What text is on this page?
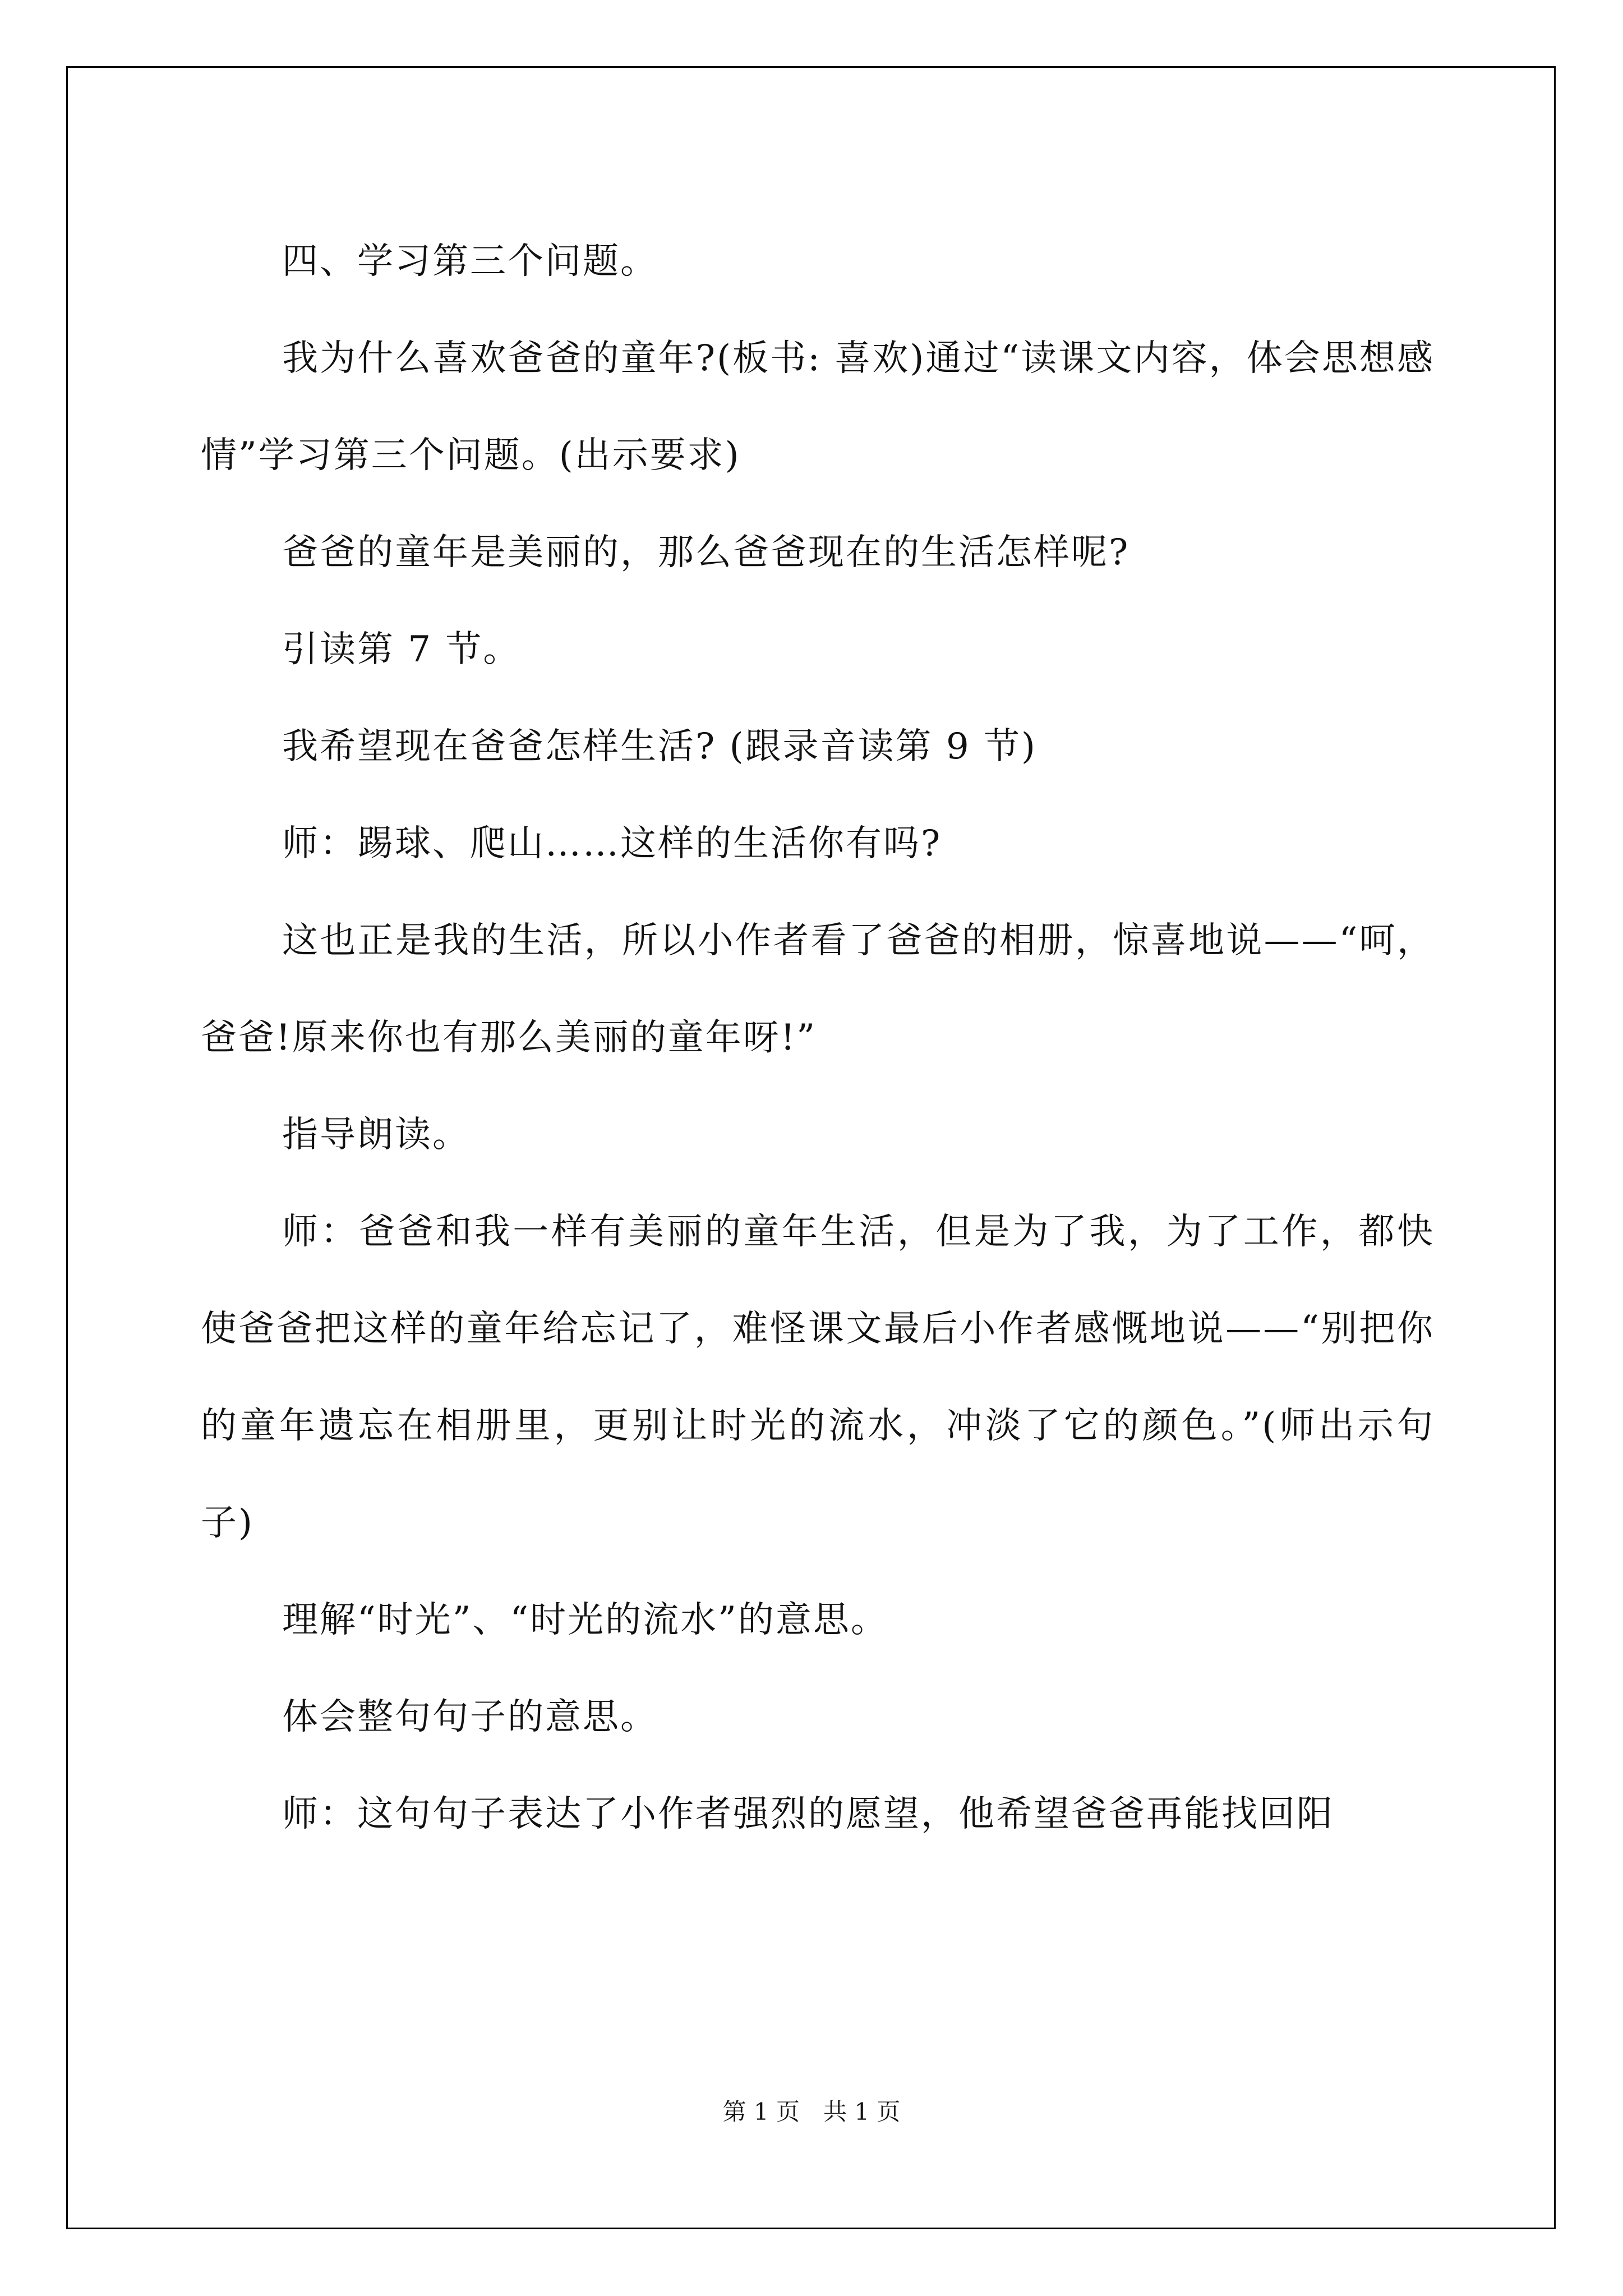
四、学习第三个问题。

我为什么喜欢爸爸的童年?(板书: 喜欢)通过“读课文内容，体会思想感情”学习第三个问题。(出示要求)

爸爸的童年是美丽的，那么爸爸现在的生活怎样呢?

引读第 7 节。

我希望现在爸爸怎样生活? (跟录音读第 9 节)

师：踢球、爬山……这样的生活你有吗?

这也正是我的生活，所以小作者看了爸爸的相册，惊喜地说——“呵，爸爸!原来你也有那么美丽的童年呀!”

指导朗读。

师：爸爸和我一样有美丽的童年生活，但是为了我，为了工作，都快使爸爸把这样的童年给忘记了，难怪课文最后小作者感慨地说——“别把你的童年遗忘在相册里，更别让时光的流水，冲淡了它的颜色。”(师出示句子)

理解“时光”、“时光的流水”的意思。

体会整句句子的意思。

师：这句句子表达了小作者强烈的愿望，他希望爸爸再能找回阳

第 1 页　共 1 页
